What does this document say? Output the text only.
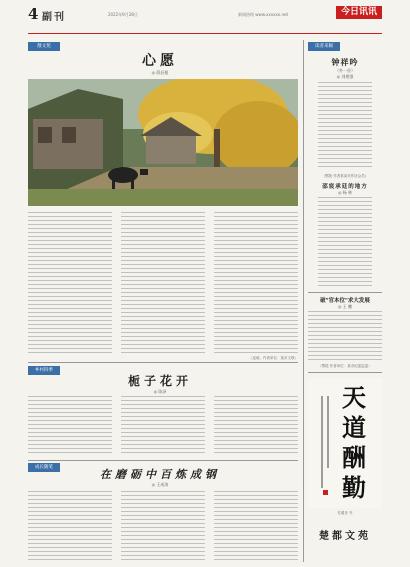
4 副刊	2022年9月28日	新闻热线 www.xxxxxx.net	今日讯讯
散文苑
心愿
◎ 薛辰根
（连载，作者单位：某市文联）
乡村四季
栀子花开
◎ 陈泽
成长随笔
在磨砺中百炼成钢
◎ 王成涛
读者来稿
钟祥吟
（外一首）
◎ 刘建强
（鄂陵 作者系某市作协会员）
邵宸承廷的地方
◎ 杨 林
破"官本位"求大发展
◎ 王 鹏
（鄂陵 作者单位：某市纪委监委）
天
道
酬
勤
孔增乐 书
楚都文苑
